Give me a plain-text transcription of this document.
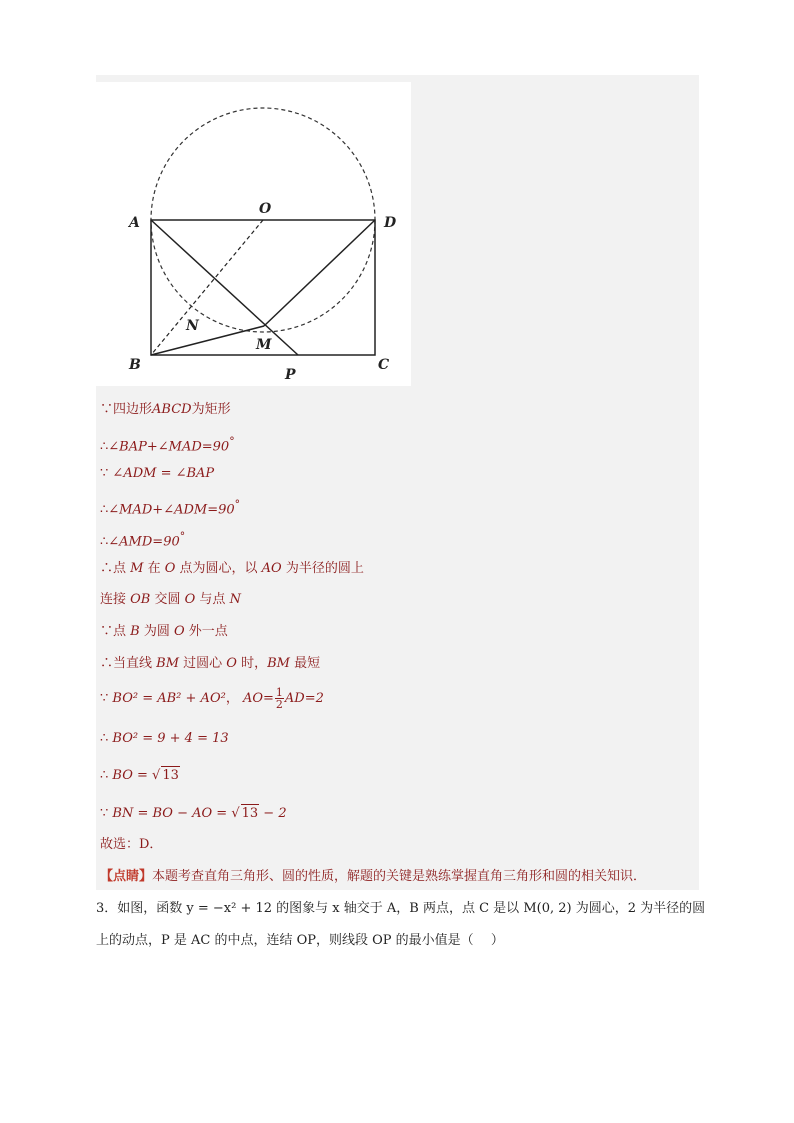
A	D
O
B	C
N
M
P
∵四边形ABCD为矩形
∴∠BAP+∠MAD=90°
∵ ∠ADM = ∠BAP
∴∠MAD+∠ADM=90°
∴∠AMD=90°
∴点 M 在 O 点为圆心，以 AO 为半径的圆上
连接 OB 交圆 O 与点 N
∵点 B 为圆 O 外一点
∴当直线 BM 过圆心 O 时，BM 最短
∵ BO² = AB² + AO²， $AO= \frac{1}{2} AD=2$
∴ BO² = 9 + 4 = 13
∴ BO = √ 13
∵ BN = BO − AO = √ 13 − 2
故选：D．
【点睛】本题考查直角三角形、圆的性质，解题的关键是熟练掌握直角三角形和圆的相关知识．
3．如图，函数 y = −x² + 12 的图象与 x 轴交于 A，B 两点，点 C 是以 M(0, 2) 为圆心，2 为半径的圆
上的动点，P 是 AC 的中点，连结 OP，则线段 OP 的最小值是（　 ）
